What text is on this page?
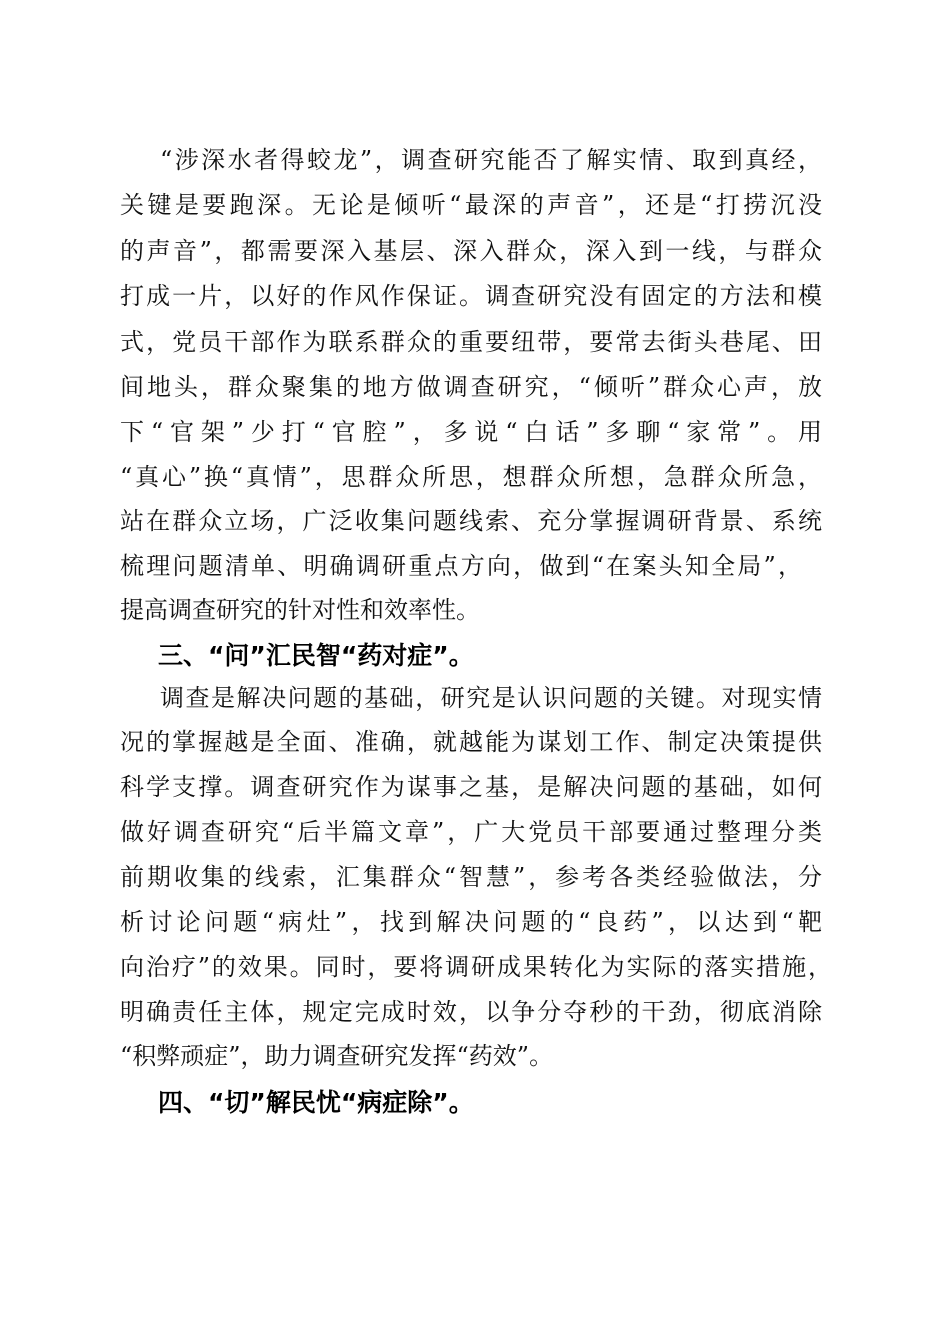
“涉深水者得蛟龙”，调查研究能否了解实情、取到真经，
关键是要跑深。无论是倾听“最深的声音”，还是“打捞沉没
的声音”，都需要深入基层、深入群众，深入到一线，与群众
打成一片，以好的作风作保证。调查研究没有固定的方法和模
式，党员干部作为联系群众的重要纽带，要常去街头巷尾、田
间地头，群众聚集的地方做调查研究，“倾听”群众心声，放
下“官架”少打“官腔”，多说“白话”多聊“家常”。用
“真心”换“真情”，思群众所思，想群众所想，急群众所急，
站在群众立场，广泛收集问题线索、充分掌握调研背景、系统
梳理问题清单、明确调研重点方向，做到“在案头知全局”，
提高调查研究的针对性和效率性。
三、“问”汇民智“药对症”。
调查是解决问题的基础，研究是认识问题的关键。对现实情
况的掌握越是全面、准确，就越能为谋划工作、制定决策提供
科学支撑。调查研究作为谋事之基，是解决问题的基础，如何
做好调查研究“后半篇文章”，广大党员干部要通过整理分类
前期收集的线索，汇集群众“智慧”，参考各类经验做法，分
析讨论问题“病灶”，找到解决问题的“良药”，以达到“靶
向治疗”的效果。同时，要将调研成果转化为实际的落实措施，
明确责任主体，规定完成时效，以争分夺秒的干劲，彻底消除
“积弊顽症”，助力调查研究发挥“药效”。
四、“切”解民忧“病症除”。
